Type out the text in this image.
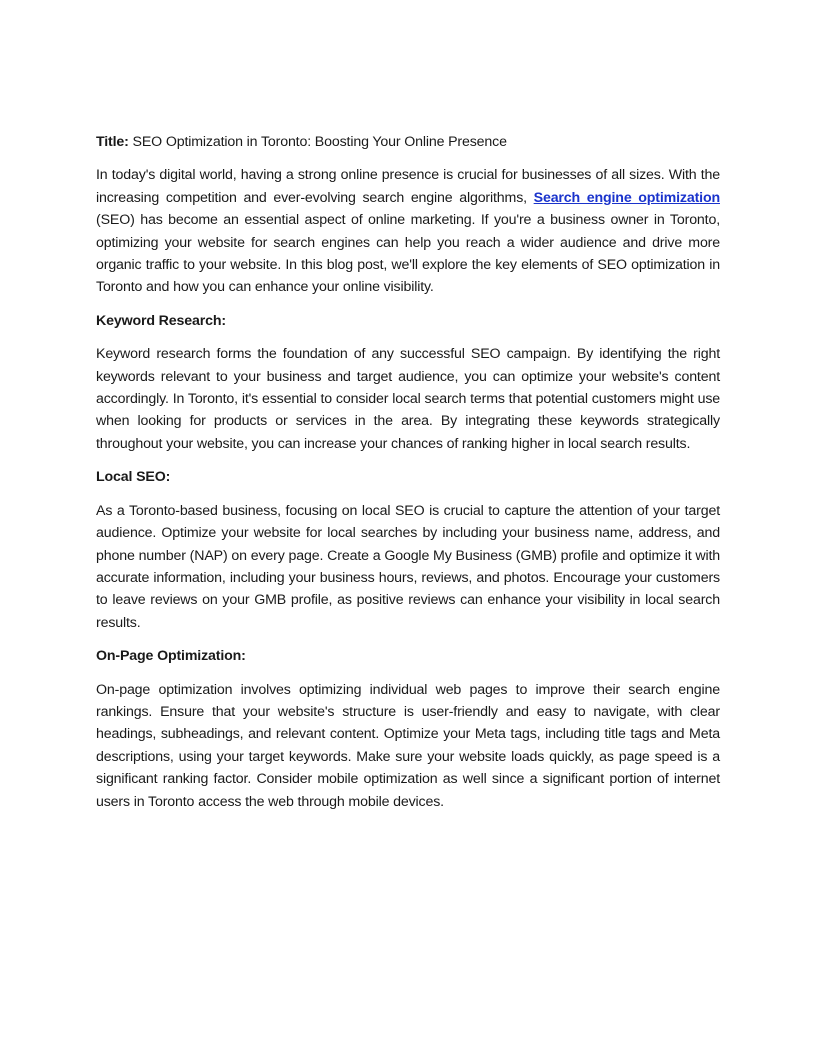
Title: SEO Optimization in Toronto: Boosting Your Online Presence

In today's digital world, having a strong online presence is crucial for businesses of all sizes. With the increasing competition and ever-evolving search engine algorithms, Search engine optimization (SEO) has become an essential aspect of online marketing. If you're a business owner in Toronto, optimizing your website for search engines can help you reach a wider audience and drive more organic traffic to your website. In this blog post, we'll explore the key elements of SEO optimization in Toronto and how you can enhance your online visibility.

Keyword Research:

Keyword research forms the foundation of any successful SEO campaign. By identifying the right keywords relevant to your business and target audience, you can optimize your website's content accordingly. In Toronto, it's essential to consider local search terms that potential customers might use when looking for products or services in the area. By integrating these keywords strategically throughout your website, you can increase your chances of ranking higher in local search results.

Local SEO:

As a Toronto-based business, focusing on local SEO is crucial to capture the attention of your target audience. Optimize your website for local searches by including your business name, address, and phone number (NAP) on every page. Create a Google My Business (GMB) profile and optimize it with accurate information, including your business hours, reviews, and photos. Encourage your customers to leave reviews on your GMB profile, as positive reviews can enhance your visibility in local search results.

On-Page Optimization:

On-page optimization involves optimizing individual web pages to improve their search engine rankings. Ensure that your website's structure is user-friendly and easy to navigate, with clear headings, subheadings, and relevant content. Optimize your Meta tags, including title tags and Meta descriptions, using your target keywords. Make sure your website loads quickly, as page speed is a significant ranking factor. Consider mobile optimization as well since a significant portion of internet users in Toronto access the web through mobile devices.
